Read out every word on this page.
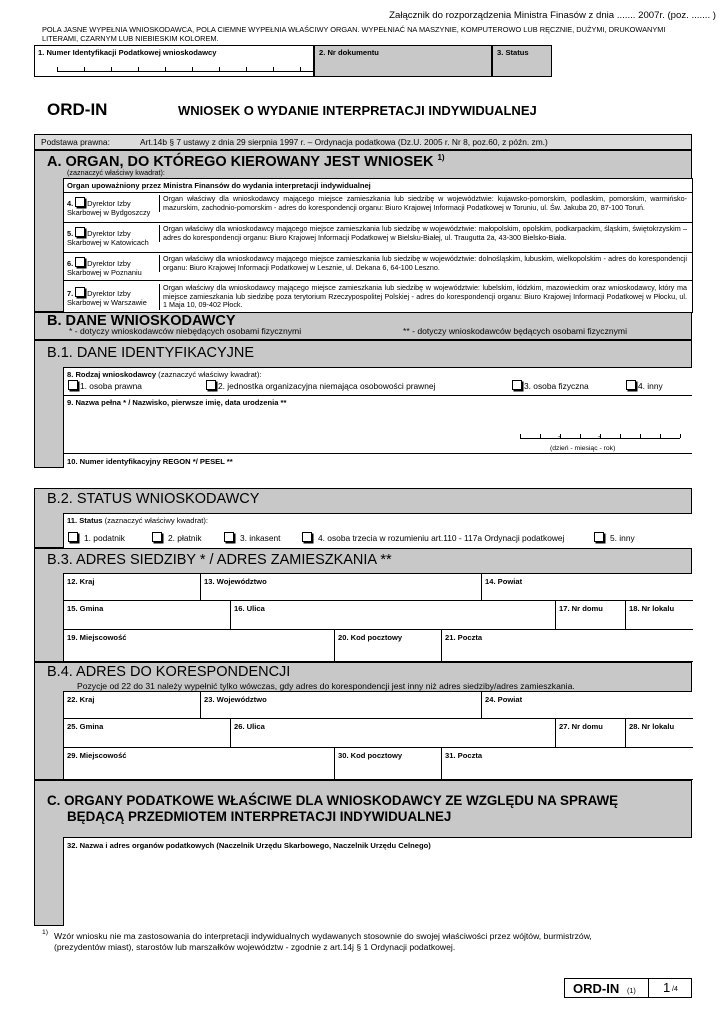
Załącznik do rozporządzenia Ministra Finasów z dnia ....... 2007r. (poz. ....... )
POLA JASNE WYPEŁNIA WNIOSKODAWCA, POLA CIEMNE WYPEŁNIA WŁAŚCIWY ORGAN. WYPEŁNIAĆ NA MASZYNIE, KOMPUTEROWO LUB RĘCZNIE, DUŻYMI, DRUKOWANYMI
LITERAMI, CZARNYM LUB NIEBIESKIM KOLOREM.
1. Numer Identyfikacji Podatkowej wnioskodawcy	2. Nr dokumentu	3. Status
ORD-IN	WNIOSEK O WYDANIE INTERPRETACJI INDYWIDUALNEJ
Podstawa prawna:	Art.14b § 7 ustawy z dnia 29 sierpnia 1997 r. – Ordynacja podatkowa (Dz.U. 2005 r. Nr 8, poz.60, z późn. zm.)
A. ORGAN, DO KTÓREGO KIEROWANY JEST WNIOSEK $^{1)}$
(zaznaczyć właściwy kwadrat):
Organ upoważniony przez Ministra Finansów do wydania interpretacji indywidualnej
4. Dyrektor Izby
Skarbowej w Bydgoszczy
Organ właściwy dla wnioskodawcy mającego miejsce zamieszkania lub siedzibę w województwie: kujawsko-pomorskim, podlaskim, pomorskim, warmińsko-mazurskim, zachodnio-pomorskim - adres do korespondencji organu: Biuro Krajowej Informacji Podatkowej w Toruniu, ul. Św. Jakuba 20, 87-100 Toruń.
5. Dyrektor Izby
Skarbowej w Katowicach
Organ właściwy dla wnioskodawcy mającego miejsce zamieszkania lub siedzibę w województwie: małopolskim, opolskim, podkarpackim, śląskim, świętokrzyskim – adres do korespondencji organu: Biuro Krajowej Informacji Podatkowej w Bielsku-Białej, ul. Traugutta 2a, 43-300 Bielsko-Biała.
6. Dyrektor Izby
Skarbowej w Poznaniu
Organ właściwy dla wnioskodawcy mającego miejsce zamieszkania lub siedzibę w województwie: dolnośląskim, lubuskim, wielkopolskim - adres do korespondencji organu: Biuro Krajowej Informacji Podatkowej w Lesznie, ul. Dekana 6, 64-100 Leszno.
7. Dyrektor Izby
Skarbowej w Warszawie
Organ właściwy dla wnioskodawcy mającego miejsce zamieszkania lub siedzibę w województwie: lubelskim, łódzkim, mazowieckim oraz wnioskodawcy, który ma miejsce zamieszkania lub siedzibę poza terytorium Rzeczypospolitej Polskiej - adres do korespondencji organu: Biuro Krajowej Informacji Podatkowej w Płocku, ul. 1 Maja 10, 09-402 Płock.
B. DANE WNIOSKODAWCY
* - dotyczy wnioskodawców niebędących osobami fizycznymi	** - dotyczy wnioskodawców będących osobami fizycznymi
B.1. DANE IDENTYFIKACYJNE
8. Rodzaj wnioskodawcy (zaznaczyć właściwy kwadrat):
1. osoba prawna	2. jednostka organizacyjna niemająca osobowości prawnej	3. osoba fizyczna	4. inny
9. Nazwa pełna * / Nazwisko, pierwsze imię, data urodzenia **
-	-
(dzień - miesiąc - rok)
10. Numer identyfikacyjny REGON */ PESEL **
B.2. STATUS WNIOSKODAWCY
11. Status (zaznaczyć właściwy kwadrat):
1. podatnik	2. płatnik	3. inkasent	4. osoba trzecia w rozumieniu art.110 - 117a Ordynacji podatkowej	5. inny
B.3. ADRES SIEDZIBY * / ADRES ZAMIESZKANIA **
12. Kraj	13. Województwo	14. Powiat
15. Gmina	16. Ulica	17. Nr domu	18. Nr lokalu
19. Miejscowość	20. Kod pocztowy	21. Poczta
B.4. ADRES DO KORESPONDENCJI
Pozycje od 22 do 31 należy wypełnić tylko wówczas, gdy adres do korespondencji jest inny niż adres siedziby/adres zamieszkania.
22. Kraj	23. Województwo	24. Powiat
25. Gmina	26. Ulica	27. Nr domu	28. Nr lokalu
29. Miejscowość	30. Kod pocztowy	31. Poczta
C. ORGANY PODATKOWE WŁAŚCIWE DLA WNIOSKODAWCY ZE WZGLĘDU NA SPRAWĘ
BĘDĄCĄ PRZEDMIOTEM INTERPRETACJI INDYWIDUALNEJ
32. Nazwa i adres organów podatkowych (Naczelnik Urzędu Skarbowego, Naczelnik Urzędu Celnego)
1) Wzór wniosku nie ma zastosowania do interpretacji indywidualnych wydawanych stosownie do swojej właściwości przez wójtów, burmistrzów,
(prezydentów miast), starostów lub marszałków województw - zgodnie z art.14j § 1 Ordynacji podatkowej.
ORD-IN (1) 1 /4
